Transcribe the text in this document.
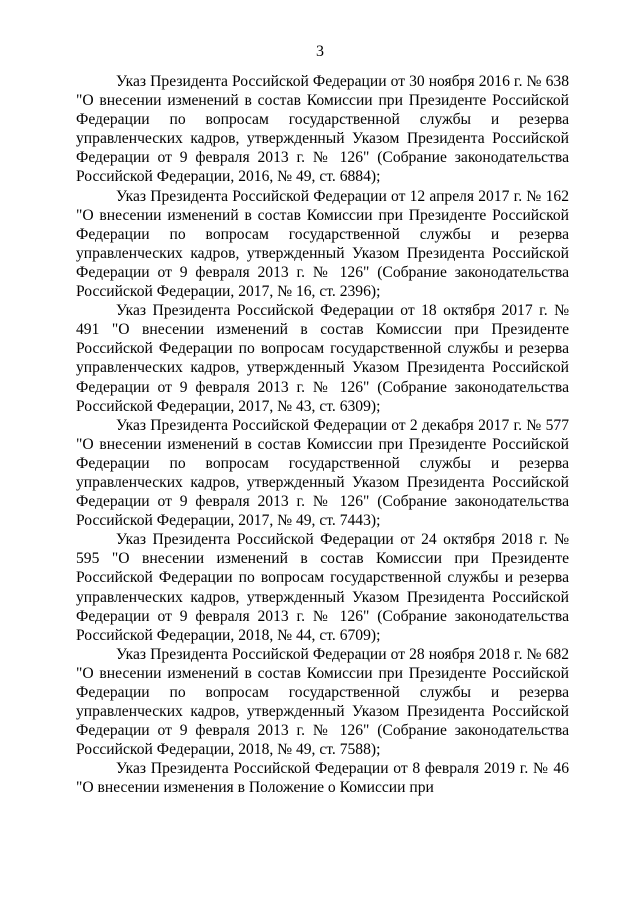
3

Указ Президента Российской Федерации от 30 ноября 2016 г. № 638 "О внесении изменений в состав Комиссии при Президенте Российской Федерации по вопросам государственной службы и резерва управленческих кадров, утвержденный Указом Президента Российской Федерации от 9 февраля 2013 г. № 126" (Собрание законодательства Российской Федерации, 2016, № 49, ст. 6884);

Указ Президента Российской Федерации от 12 апреля 2017 г. № 162 "О внесении изменений в состав Комиссии при Президенте Российской Федерации по вопросам государственной службы и резерва управленческих кадров, утвержденный Указом Президента Российской Федерации от 9 февраля 2013 г. № 126" (Собрание законодательства Российской Федерации, 2017, № 16, ст. 2396);

Указ Президента Российской Федерации от 18 октября 2017 г. № 491 "О внесении изменений в состав Комиссии при Президенте Российской Федерации по вопросам государственной службы и резерва управленческих кадров, утвержденный Указом Президента Российской Федерации от 9 февраля 2013 г. № 126" (Собрание законодательства Российской Федерации, 2017, № 43, ст. 6309);

Указ Президента Российской Федерации от 2 декабря 2017 г. № 577 "О внесении изменений в состав Комиссии при Президенте Российской Федерации по вопросам государственной службы и резерва управленческих кадров, утвержденный Указом Президента Российской Федерации от 9 февраля 2013 г. № 126" (Собрание законодательства Российской Федерации, 2017, № 49, ст. 7443);

Указ Президента Российской Федерации от 24 октября 2018 г. № 595 "О внесении изменений в состав Комиссии при Президенте Российской Федерации по вопросам государственной службы и резерва управленческих кадров, утвержденный Указом Президента Российской Федерации от 9 февраля 2013 г. № 126" (Собрание законодательства Российской Федерации, 2018, № 44, ст. 6709);

Указ Президента Российской Федерации от 28 ноября 2018 г. № 682 "О внесении изменений в состав Комиссии при Президенте Российской Федерации по вопросам государственной службы и резерва управленческих кадров, утвержденный Указом Президента Российской Федерации от 9 февраля 2013 г. № 126" (Собрание законодательства Российской Федерации, 2018, № 49, ст. 7588);

Указ Президента Российской Федерации от 8 февраля 2019 г. № 46 "О внесении изменения в Положение о Комиссии при
